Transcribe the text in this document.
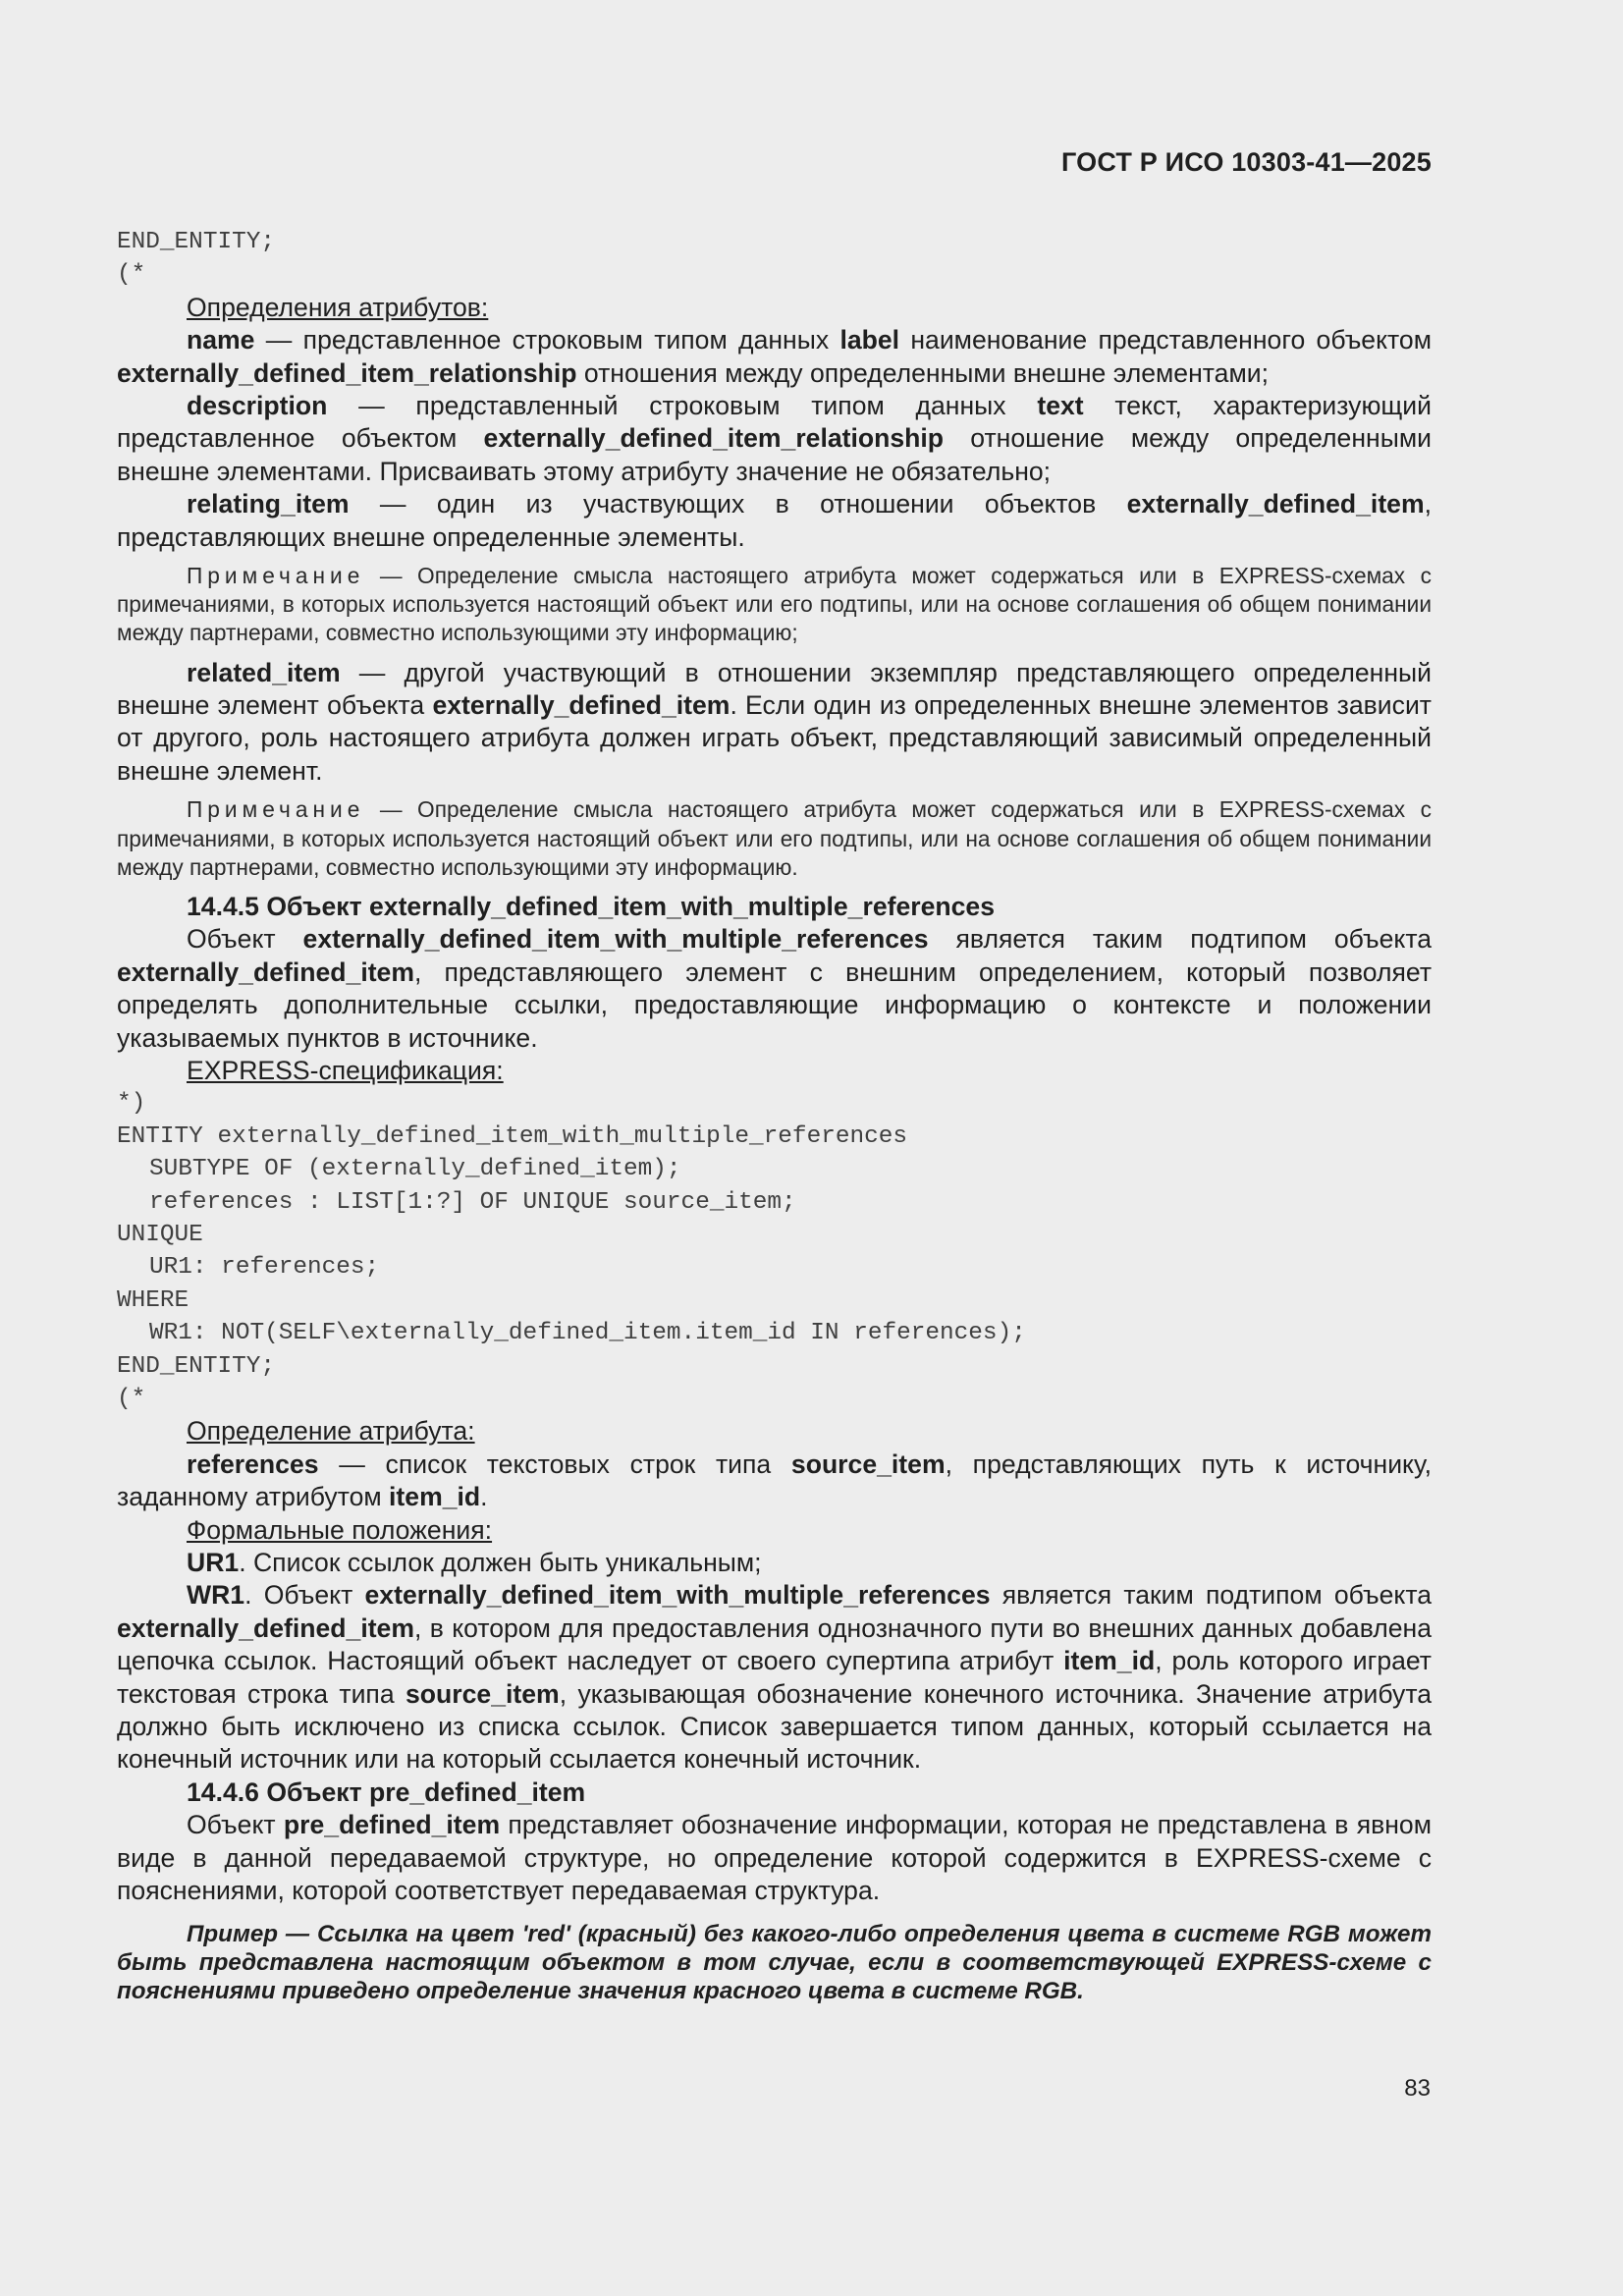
ГОСТ Р ИСО 10303-41—2025
END_ENTITY;
(*
Определения атрибутов:

name — представленное строковым типом данных label наименование представленного объектом externally_defined_item_relationship отношения между определенными внешне элементами;

description — представленный строковым типом данных text текст, характеризующий представленное объектом externally_defined_item_relationship отношение между определенными внешне элементами. Присваивать этому атрибуту значение не обязательно;

relating_item — один из участвующих в отношении объектов externally_defined_item, представляющих внешне определенные элементы.

Примечание — Определение смысла настоящего атрибута может содержаться или в EXPRESS-схемах с примечаниями, в которых используется настоящий объект или его подтипы, или на основе соглашения об общем понимании между партнерами, совместно использующими эту информацию;

related_item — другой участвующий в отношении экземпляр представляющего определенный внешне элемент объекта externally_defined_item. Если один из определенных внешне элементов зависит от другого, роль настоящего атрибута должен играть объект, представляющий зависимый определенный внешне элемент.

Примечание — Определение смысла настоящего атрибута может содержаться или в EXPRESS-схемах с примечаниями, в которых используется настоящий объект или его подтипы, или на основе соглашения об общем понимании между партнерами, совместно использующими эту информацию.

14.4.5 Объект externally_defined_item_with_multiple_references

Объект externally_defined_item_with_multiple_references является таким подтипом объекта externally_defined_item, представляющего элемент с внешним определением, который позволяет определять дополнительные ссылки, предоставляющие информацию о контексте и положении указываемых пунктов в источнике.

EXPRESS-спецификация:
*)
ENTITY externally_defined_item_with_multiple_references
SUBTYPE OF (externally_defined_item);
references : LIST[1:?] OF UNIQUE source_item;
UNIQUE
UR1: references;
WHERE
WR1: NOT(SELF\externally_defined_item.item_id IN references);
END_ENTITY;
(*
Определение атрибута:

references — список текстовых строк типа source_item, представляющих путь к источнику, заданному атрибутом item_id.

Формальные положения:

UR1. Список ссылок должен быть уникальным;

WR1. Объект externally_defined_item_with_multiple_references является таким подтипом объекта externally_defined_item, в котором для предоставления однозначного пути во внешних данных добавлена цепочка ссылок. Настоящий объект наследует от своего супертипа атрибут item_id, роль которого играет текстовая строка типа source_item, указывающая обозначение конечного источника. Значение атрибута должно быть исключено из списка ссылок. Список завершается типом данных, который ссылается на конечный источник или на который ссылается конечный источник.

14.4.6 Объект pre_defined_item

Объект pre_defined_item представляет обозначение информации, которая не представлена в явном виде в данной передаваемой структуре, но определение которой содержится в EXPRESS-схеме с пояснениями, которой соответствует передаваемая структура.

Пример — Ссылка на цвет 'red' (красный) без какого-либо определения цвета в системе RGB может быть представлена настоящим объектом в том случае, если в соответствующей EXPRESS-схеме с пояснениями приведено определение значения красного цвета в системе RGB.

83
